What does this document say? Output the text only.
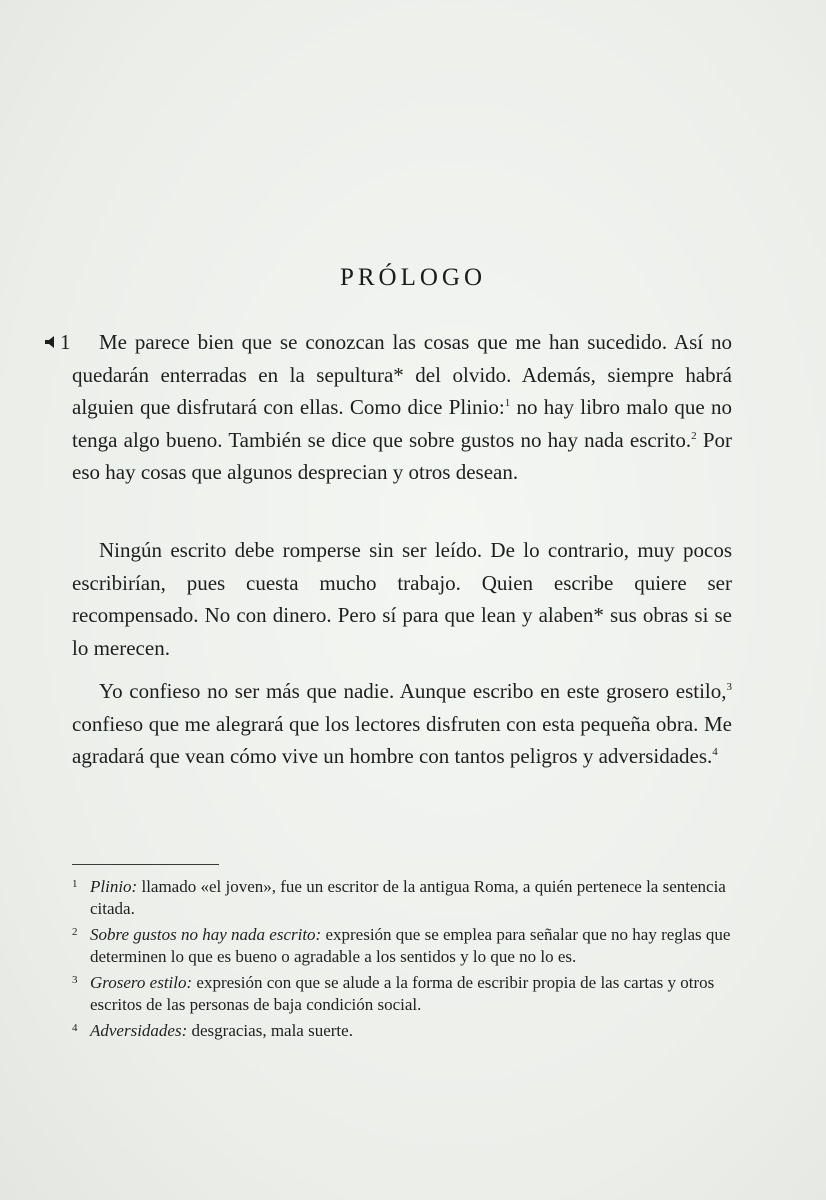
PRÓLOGO
1	Me parece bien que se conozcan las cosas que me han sucedido. Así no quedarán enterradas en la sepultura* del olvido. Además, siempre habrá alguien que disfrutará con ellas. Como dice Plinio:$^1$ no hay libro malo que no tenga algo bueno. También se dice que sobre gustos no hay nada escrito.$^2$ Por eso hay cosas que algunos desprecian y otros desean.
Ningún escrito debe romperse sin ser leído. De lo contrario, muy pocos escribirían, pues cuesta mucho trabajo. Quien escribe quiere ser recompensado. No con dinero. Pero sí para que lean y alaben* sus obras si se lo merecen.
Yo confieso no ser más que nadie. Aunque escribo en este grosero estilo,$^3$ confieso que me alegrará que los lectores disfruten con esta pequeña obra. Me agradará que vean cómo vive un hombre con tantos peligros y adversidades.$^4$
1 Plinio: llamado «el joven», fue un escritor de la antigua Roma, a quién pertenece la sentencia citada.
2 Sobre gustos no hay nada escrito: expresión que se emplea para señalar que no hay reglas que determinen lo que es bueno o agradable a los sentidos y lo que no lo es.
3 Grosero estilo: expresión con que se alude a la forma de escribir propia de las cartas y otros escritos de las personas de baja condición social.
4 Adversidades: desgracias, mala suerte.
